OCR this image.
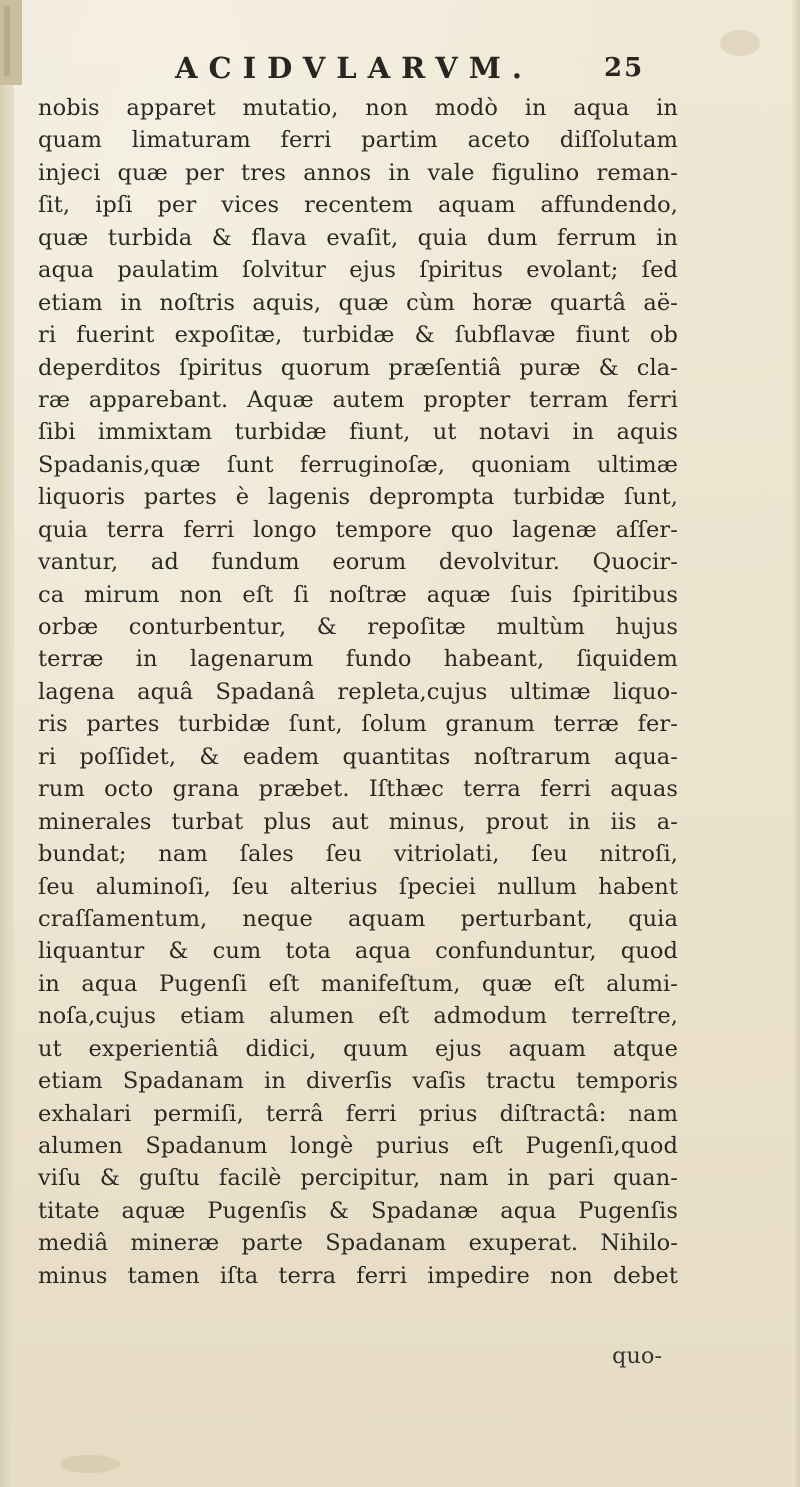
ACIDVLARVM.	25
nobis apparet mutatio, non modò in aqua in
quam limaturam ferri partim aceto diſſolutam
injeci quæ per tres annos in vale figulino reman-
ſit, ipſi per vices recentem aquam affundendo,
quæ turbida & flava evaſit, quia dum ferrum in
aqua paulatim ſolvitur ejus ſpiritus evolant; ſed
etiam in noſtris aquis, quæ cùm horæ quartâ aë-
ri fuerint expoſitæ, turbidæ & ſubflavæ fiunt ob
deperditos ſpiritus quorum præſentiâ puræ & cla-
ræ apparebant. Aquæ autem propter terram ferri
ſibi immixtam turbidæ fiunt, ut notavi in aquis
Spadanis,quæ ſunt ferruginoſæ, quoniam ultimæ
liquoris partes è lagenis deprompta turbidæ ſunt,
quia terra ferri longo tempore quo lagenæ aſſer-
vantur, ad fundum eorum devolvitur. Quocir-
ca mirum non eſt ſi noſtræ aquæ ſuis ſpiritibus
orbæ conturbentur, & repoſitæ multùm hujus
terræ in lagenarum fundo habeant, ſiquidem
lagena aquâ Spadanâ repleta,cujus ultimæ liquo-
ris partes turbidæ ſunt, ſolum granum terræ fer-
ri poſſidet, & eadem quantitas noſtrarum aqua-
rum octo grana præbet. Iſthæc terra ferri aquas
minerales turbat plus aut minus, prout in iis a-
bundat; nam ſales ſeu vitriolati, ſeu nitroſi,
ſeu aluminoſi, ſeu alterius ſpeciei nullum habent
craſſamentum, neque aquam perturbant, quia
liquantur & cum tota aqua confunduntur, quod
in aqua Pugenſi eſt manifeſtum, quæ eſt alumi-
noſa,cujus etiam alumen eſt admodum terreſtre,
ut experientiâ didici, quum ejus aquam atque
etiam Spadanam in diverſis vaſis tractu temporis
exhalari permiſi, terrâ ferri prius diſtractâ: nam
alumen Spadanum longè purius eſt Pugenſi,quod
viſu & guſtu facilè percipitur, nam in pari quan-
titate aquæ Pugenſis & Spadanæ aqua Pugenſis
mediâ mineræ parte Spadanam exuperat. Nihilo-
minus tamen iſta terra ferri impedire non debet
quo-
